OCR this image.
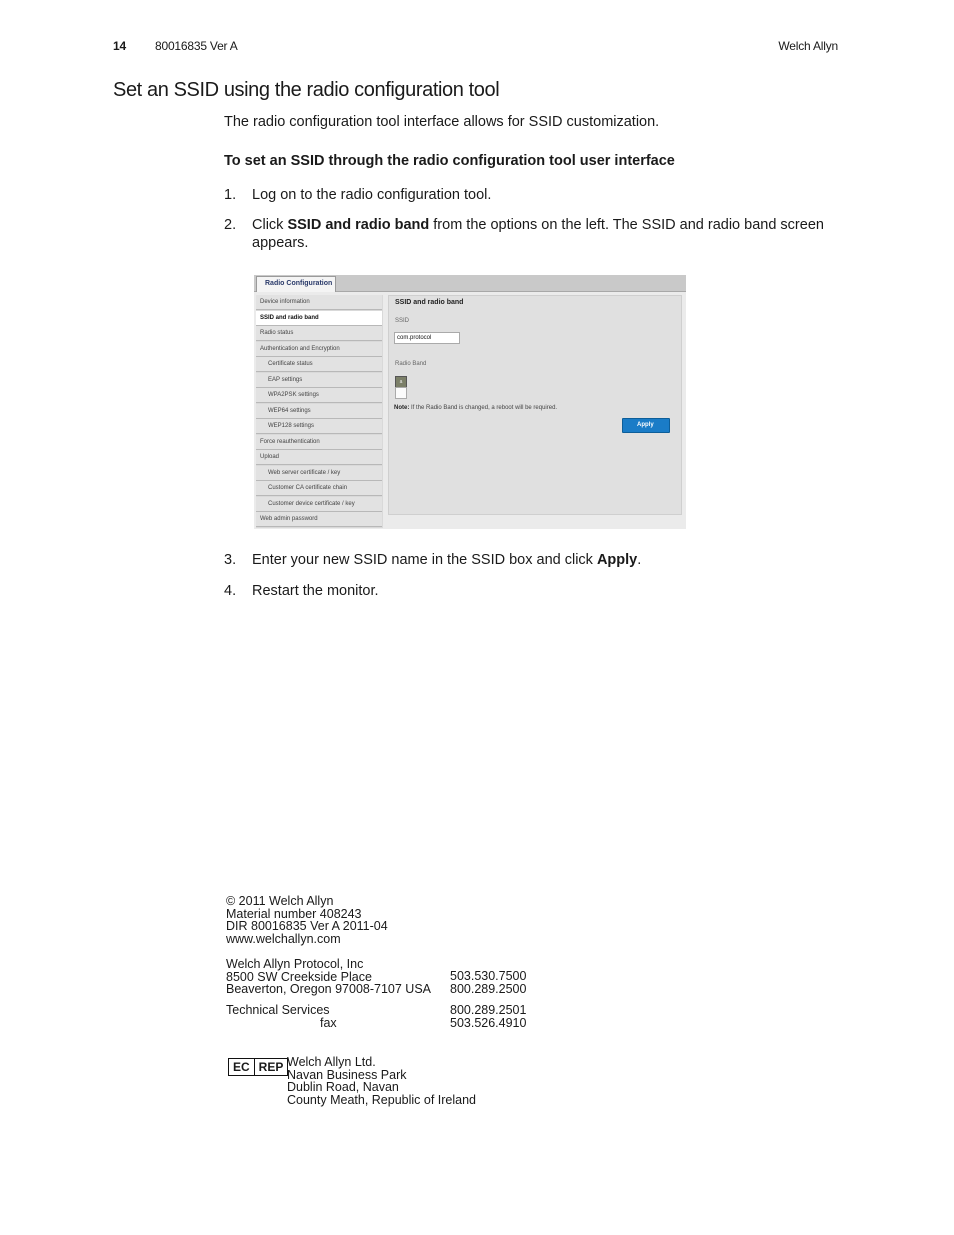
14 80016835 Ver A	Welch Allyn
Set an SSID using the radio configuration tool
The radio configuration tool interface allows for SSID customization.
To set an SSID through the radio configuration tool user interface
1. Log on to the radio configuration tool.
2. Click SSID and radio band from the options on the left. The SSID and radio band screen appears.
Radio Configuration
Device information
SSID and radio band
Radio status
Authentication and Encryption
Certificate status
EAP settings
WPA2PSK settings
WEP64 settings
WEP128 settings
Force reauthentication
Upload
Web server certificate / key
Customer CA certificate chain
Customer device certificate / key
Web admin password
SSID and radio band
SSID
com.protocol
Radio Band
a
Note: If the Radio Band is changed, a reboot will be required.
Apply
3. Enter your new SSID name in the SSID box and click Apply.
4. Restart the monitor.
© 2011 Welch Allyn
Material number 408243
DIR 80016835 Ver A 2011-04
www.welchallyn.com
Welch Allyn Protocol, Inc
8500 SW Creekside Place
Beaverton, Oregon 97008-7107 USA
503.530.7500
800.289.2500
Technical Services
fax
800.289.2501
503.526.4910
EC REP Welch Allyn Ltd.
Navan Business Park
Dublin Road, Navan
County Meath, Republic of Ireland
